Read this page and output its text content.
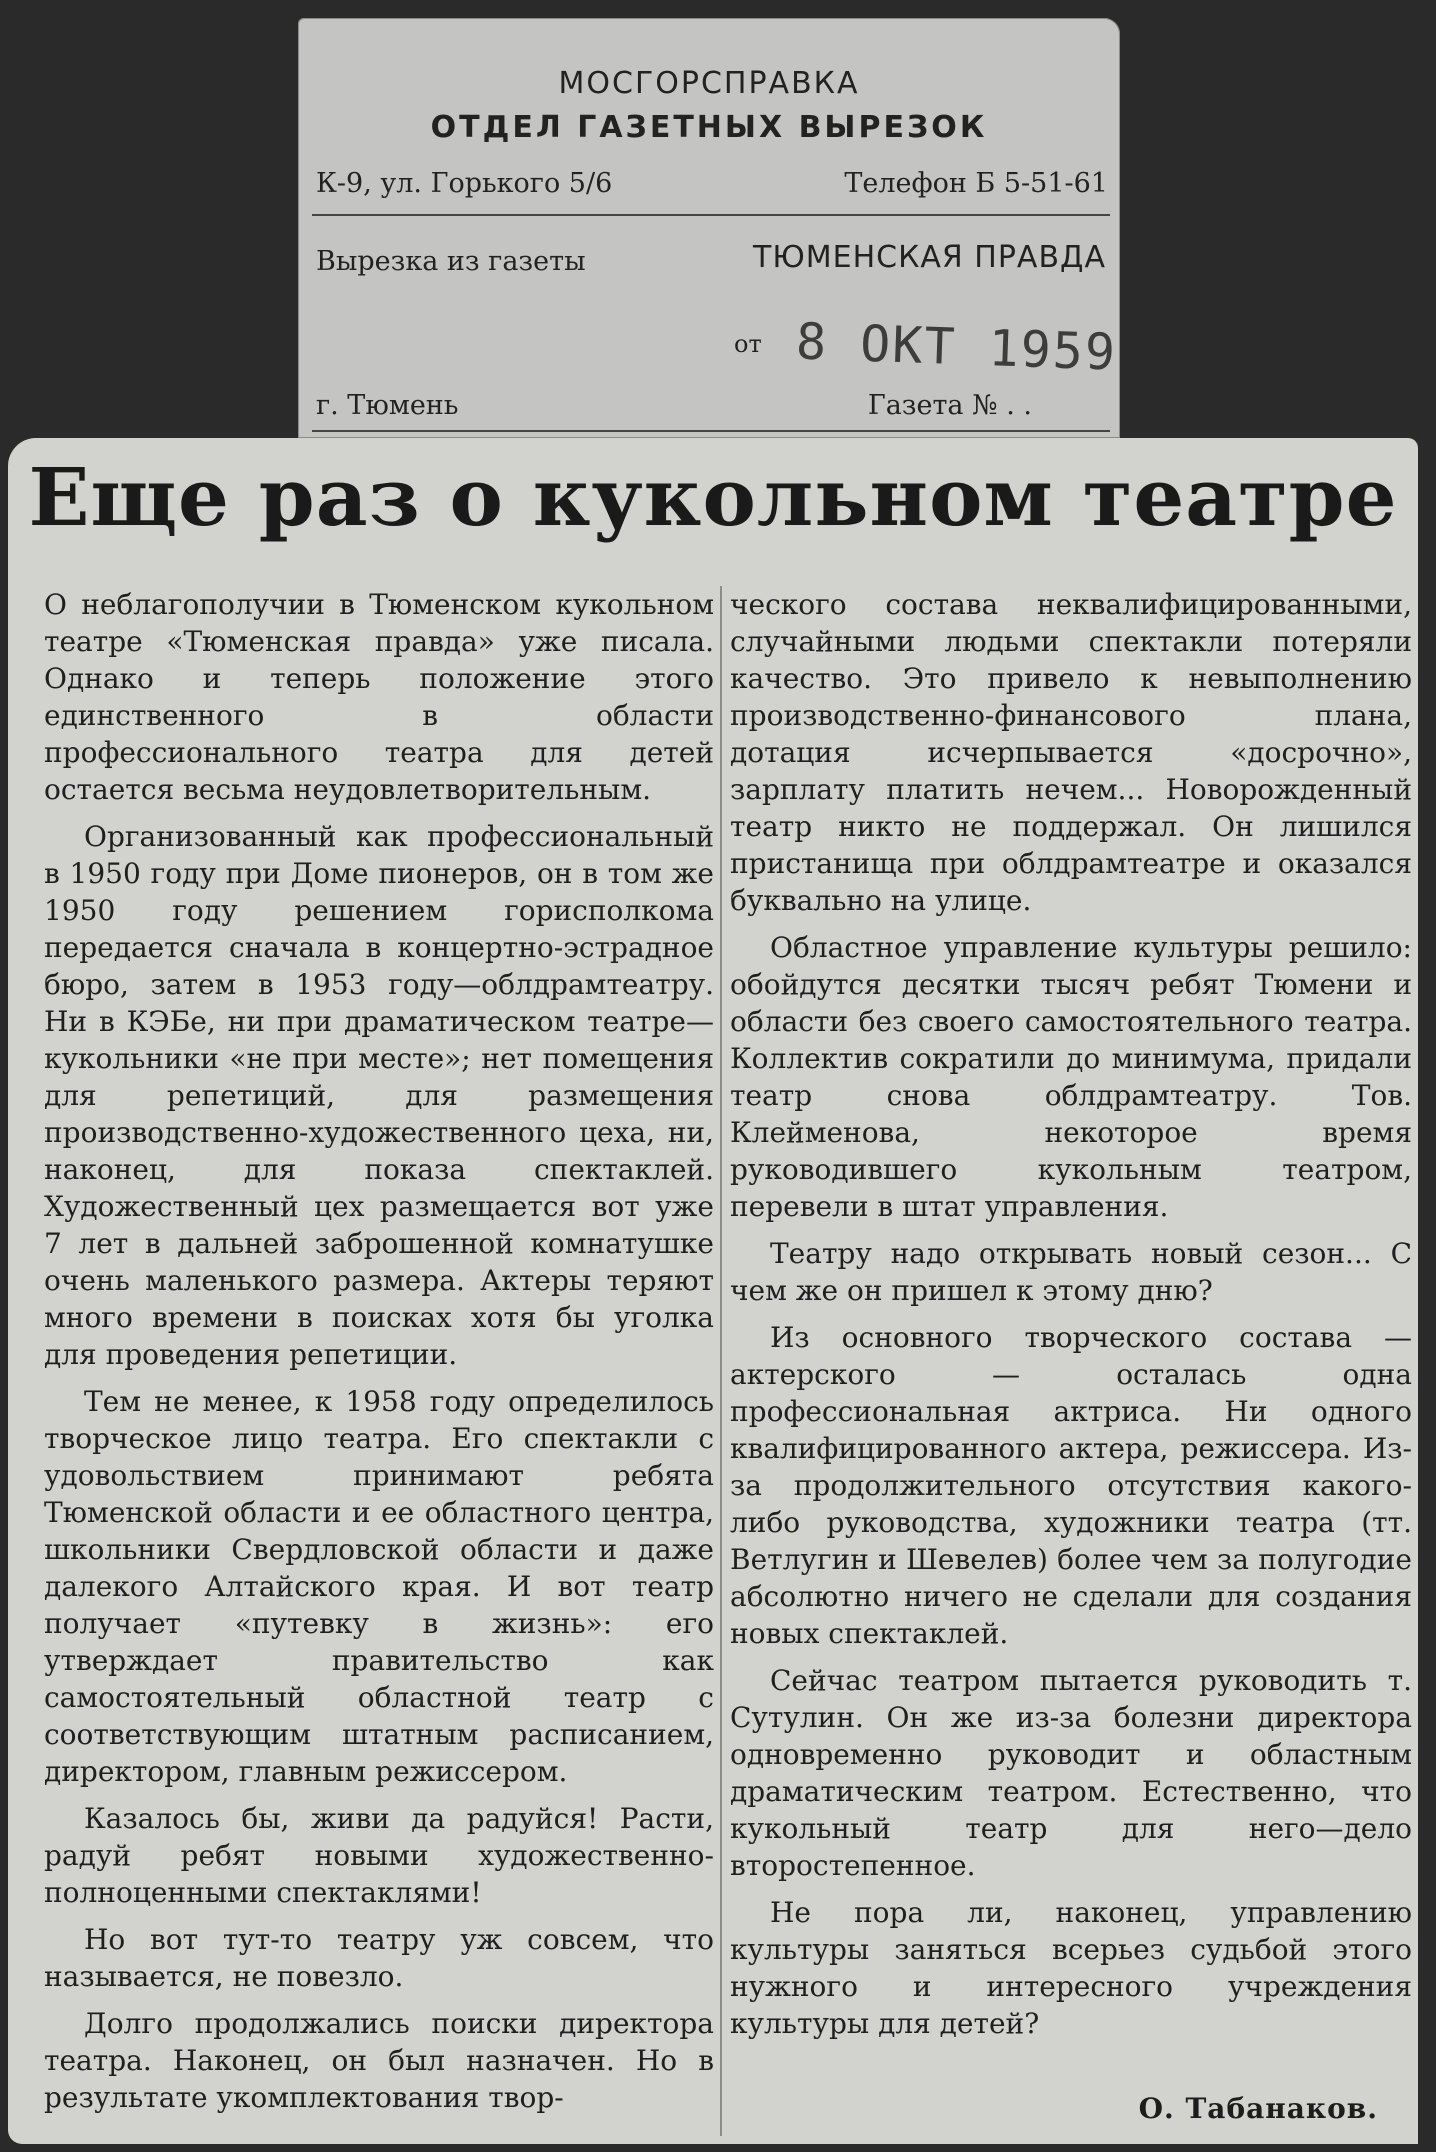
МОСГОРСПРАВКА
ОТДЕЛ ГАЗЕТНЫХ ВЫРЕЗОК
К-9, ул. Горького 5/6	Телефон Б 5-51-61
Вырезка из газеты	ТЮМЕНСКАЯ ПРАВДА
от 8 ОКТ 1959
г. Тюмень	Газета № . .
Еще раз о кукольном театре

О неблагополучии в Тюменском кукольном театре «Тюменская правда» уже писала. Однако и теперь положение этого единственного в области профессионального театра для детей остается весьма неудовлетворительным.

Организованный как профессиональный в 1950 году при Доме пионеров, он в том же 1950 году решением горисполкома передается сначала в концертно-эстрадное бюро, затем в 1953 году—облдрамтеатру. Ни в КЭБе, ни при драматическом театре—кукольники «не при месте»; нет помещения для репетиций, для размещения производственно-художественного цеха, ни, наконец, для показа спектаклей. Художественный цех размещается вот уже 7 лет в дальней заброшенной комнатушке очень маленького размера. Актеры теряют много времени в поисках хотя бы уголка для проведения репетиции.

Тем не менее, к 1958 году определилось творческое лицо театра. Его спектакли с удовольствием принимают ребята Тюменской области и ее областного центра, школьники Свердловской области и даже далекого Алтайского края. И вот театр получает «путевку в жизнь»: его утверждает правительство как самостоятельный областной театр с соответствующим штатным расписанием, директором, главным режиссером.

Казалось бы, живи да радуйся! Расти, радуй ребят новыми художественно-полноценными спектаклями!

Но вот тут-то театру уж совсем, что называется, не повезло.

Долго продолжались поиски директора театра. Наконец, он был назначен. Но в результате укомплектования твор-

ческого состава неквалифицированными, случайными людьми спектакли потеряли качество. Это привело к невыполнению производственно-финансового плана, дотация исчерпывается «досрочно», зарплату платить нечем... Новорожденный театр никто не поддержал. Он лишился пристанища при облдрамтеатре и оказался буквально на улице.

Областное управление культуры решило: обойдутся десятки тысяч ребят Тюмени и области без своего самостоятельного театра. Коллектив сократили до минимума, придали театр снова облдрамтеатру. Тов. Клейменова, некоторое время руководившего кукольным театром, перевели в штат управления.

Театру надо открывать новый сезон... С чем же он пришел к этому дню?

Из основного творческого состава — актерского — осталась одна профессиональная актриса. Ни одного квалифицированного актера, режиссера. Из-за продолжительного отсутствия какого-либо руководства, художники театра (тт. Ветлугин и Шевелев) более чем за полугодие абсолютно ничего не сделали для создания новых спектаклей.

Сейчас театром пытается руководить т. Сутулин. Он же из-за болезни директора одновременно руководит и областным драматическим театром. Естественно, что кукольный театр для него—дело второстепенное.

Не пора ли, наконец, управлению культуры заняться всерьез судьбой этого нужного и интересного учреждения культуры для детей?

О. Табанаков.
